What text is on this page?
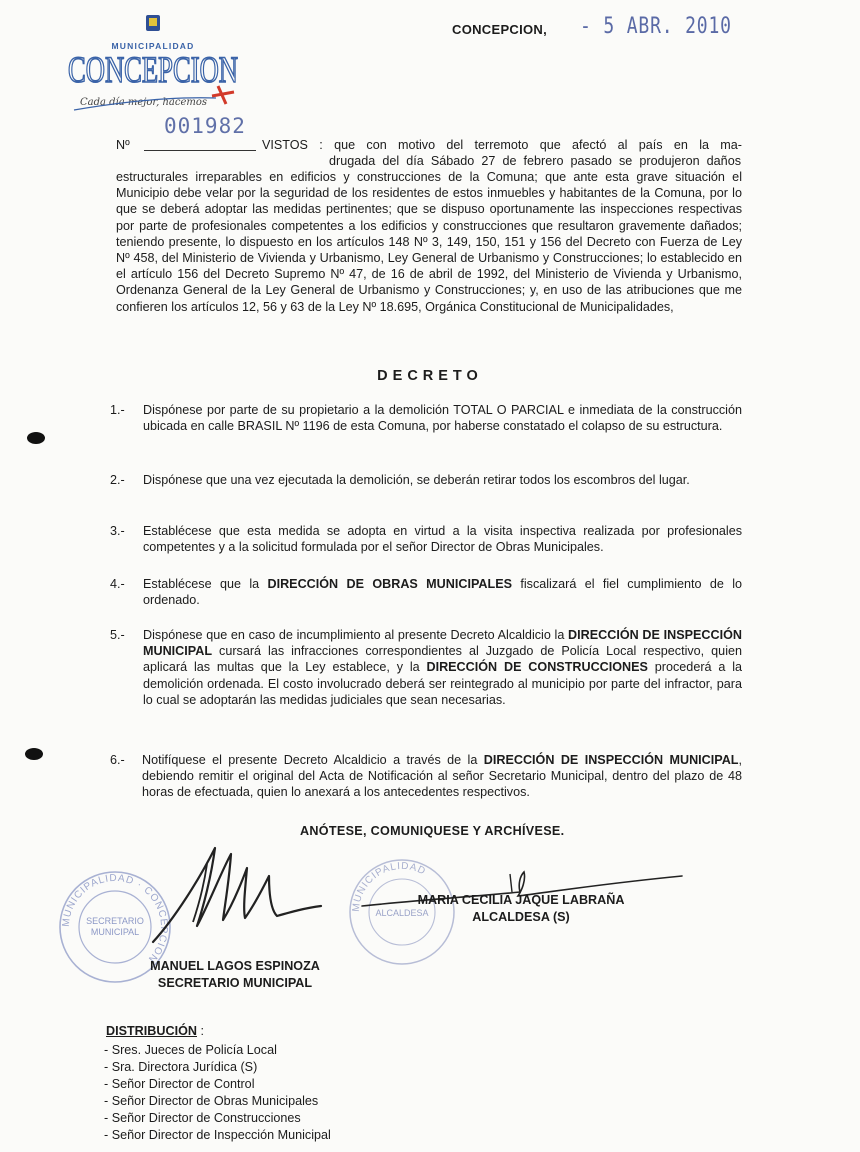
MUNICIPALIDAD
CONCEPCION
Cada día mejor, hacemos
CONCEPCION, - 5 ABR. 2010
Nº
001982
VISTOS : que con motivo del terremoto que afectó al país en la ma-
drugada del día Sábado 27 de febrero pasado se produjeron daños
estructurales irreparables en edificios y construcciones de la Comuna; que ante esta grave situación el Municipio debe velar por la seguridad de los residentes de estos inmuebles y habitantes de la Comuna, por lo que se deberá adoptar las medidas pertinentes; que se dispuso oportunamente las inspecciones respectivas por parte de profesionales competentes a los edificios y construcciones que resultaron gravemente dañados; teniendo presente, lo dispuesto en los artículos 148 Nº 3, 149, 150, 151 y 156 del Decreto con Fuerza de Ley Nº 458, del Ministerio de Vivienda y Urbanismo, Ley General de Urbanismo y Construcciones; lo establecido en el artículo 156 del Decreto Supremo Nº 47, de 16 de abril de 1992, del Ministerio de Vivienda y Urbanismo, Ordenanza General de la Ley General de Urbanismo y Construcciones; y, en uso de las atribuciones que me confieren los artículos 12, 56 y 63 de la Ley Nº 18.695, Orgánica Constitucional de Municipalidades,
DECRETO
1.- Dispónese por parte de su propietario a la demolición TOTAL O PARCIAL e inmediata de la construcción ubicada en calle BRASIL Nº 1196 de esta Comuna, por haberse constatado el colapso de su estructura.
2.- Dispónese que una vez ejecutada la demolición, se deberán retirar todos los escombros del lugar.
3.- Establécese que esta medida se adopta en virtud a la visita inspectiva realizada por profesionales competentes y a la solicitud formulada por el señor Director de Obras Municipales.
4.- Establécese que la DIRECCIÓN DE OBRAS MUNICIPALES fiscalizará el fiel cumplimiento de lo ordenado.
5.- Dispónese que en caso de incumplimiento al presente Decreto Alcaldicio la DIRECCIÓN DE INSPECCIÓN MUNICIPAL cursará las infracciones correspondientes al Juzgado de Policía Local respectivo, quien aplicará las multas que la Ley establece, y la DIRECCIÓN DE CONSTRUCCIONES procederá a la demolición ordenada. El costo involucrado deberá ser reintegrado al municipio por parte del infractor, para lo cual se adoptarán las medidas judiciales que sean necesarias.
6.- Notifíquese el presente Decreto Alcaldicio a través de la DIRECCIÓN DE INSPECCIÓN MUNICIPAL, debiendo remitir el original del Acta de Notificación al señor Secretario Municipal, dentro del plazo de 48 horas de efectuada, quien lo anexará a los antecedentes respectivos.
ANÓTESE, COMUNIQUESE Y ARCHÍVESE.
MUNICIPALIDAD · CONCEPCION
SECRETARIO
MUNICIPAL
MUNICIPALIDAD
ALCALDESA
MANUEL LAGOS ESPINOZA
SECRETARIO MUNICIPAL
MARIA CECILIA JAQUE LABRAÑA
ALCALDESA (S)
DISTRIBUCIÓN :
- Sres. Jueces de Policía Local
- Sra. Directora Jurídica (S)
- Señor Director de Control
- Señor Director de Obras Municipales
- Señor Director de Construcciones
- Señor Director de Inspección Municipal
